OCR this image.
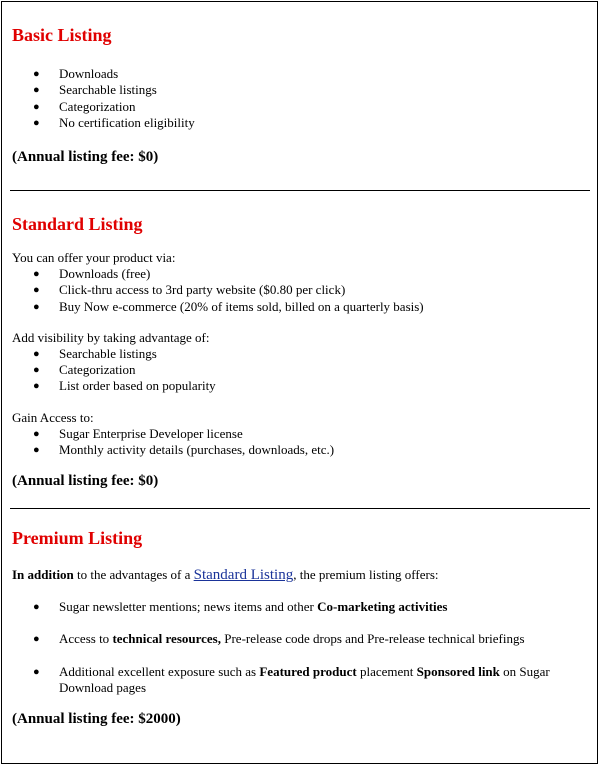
Basic Listing
● Downloads
● Searchable listings
● Categorization
● No certification eligibility

(Annual listing fee: $0)

Standard Listing

You can offer your product via:

● Downloads (free)
● Click-thru access to 3rd party website ($0.80 per click)
● Buy Now e-commerce (20% of items sold, billed on a quarterly basis)

Add visibility by taking advantage of:

● Searchable listings
● Categorization
● List order based on popularity

Gain Access to:

● Sugar Enterprise Developer license
● Monthly activity details (purchases, downloads, etc.)

(Annual listing fee: $0)

Premium Listing

In addition to the advantages of a Standard Listing, the premium listing offers:

● Sugar newsletter mentions; news items and other Co-marketing activities
● Access to technical resources, Pre-release code drops and Pre-release technical briefings
● Additional excellent exposure such as Featured product placement Sponsored link on Sugar Download pages

(Annual listing fee: $2000)
